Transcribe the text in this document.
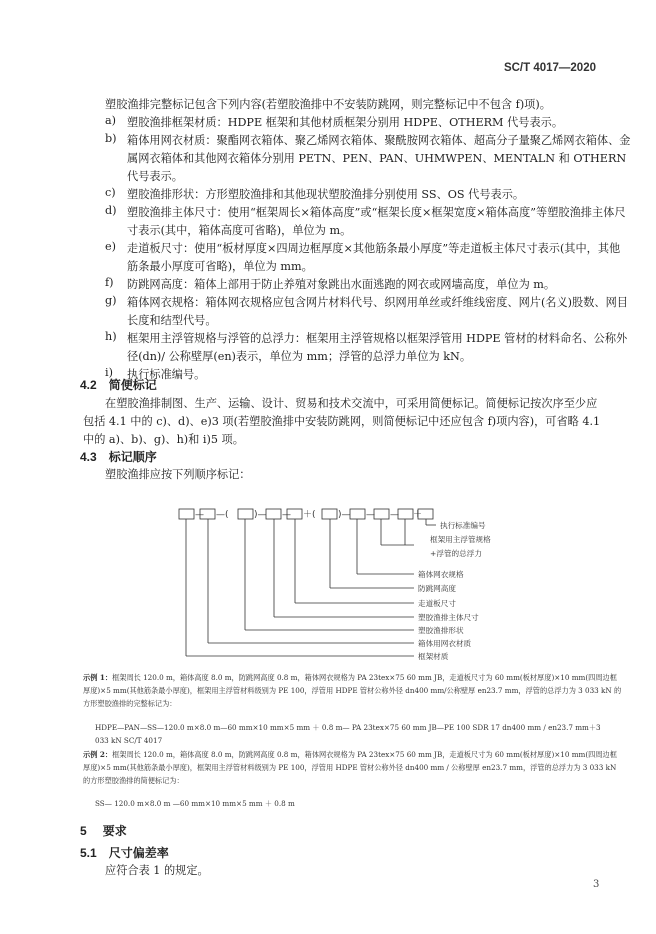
SC/T 4017—2020
塑胶渔排完整标记包含下列内容(若塑胶渔排中不安装防跳网，则完整标记中不包含 f)项)。
a) 塑胶渔排框架材质：HDPE 框架和其他材质框架分别用 HDPE、OTHERM 代号表示。
b) 箱体用网衣材质：聚酯网衣箱体、聚乙烯网衣箱体、聚酰胺网衣箱体、超高分子量聚乙烯网衣箱体、金属网衣箱体和其他网衣箱体分别用 PETN、PEN、PAN、UHMWPEN、MENTALN 和 OTHERN 代号表示。
c) 塑胶渔排形状：方形塑胶渔排和其他现状塑胶渔排分别使用 SS、OS 代号表示。
d) 塑胶渔排主体尺寸：使用“框架周长×箱体高度”或“框架长度×框架宽度×箱体高度”等塑胶渔排主体尺寸表示(其中，箱体高度可省略)，单位为 m。
e) 走道板尺寸：使用“板材厚度×四周边框厚度×其他筋条最小厚度”等走道板主体尺寸表示(其中，其他筋条最小厚度可省略)，单位为 mm。
f) 防跳网高度：箱体上部用于防止养殖对象跳出水面逃跑的网衣或网墙高度，单位为 m。
g) 箱体网衣规格：箱体网衣规格应包含网片材料代号、织网用单丝或纤维线密度、网片(名义)股数、网目长度和结型代号。
h) 框架用主浮管规格与浮管的总浮力：框架用主浮管规格以框架浮管用 HDPE 管材的材料命名、公称外径(dn)/ 公称壁厚(en)表示，单位为 mm；浮管的总浮力单位为 kN。
i) 执行标准编号。
4.2 简便标记
在塑胶渔排制图、生产、运输、设计、贸易和技术交流中，可采用简便标记。简便标记按次序至少应包括 4.1 中的 c)、d)、e)3 项(若塑胶渔排中安装防跳网，则简便标记中还应包含 f)项内容)，可省略 4.1 中的 a)、b)、g)、h)和 i)5 项。
4.3 标记顺序
塑胶渔排应按下列顺序标记：
— —(	)— — ＋( )— — — ＋
执行标准编号
框架用主浮管规格
+浮管的总浮力
箱体网衣规格
防跳网高度
走道板尺寸
塑胶渔排主体尺寸
塑胶渔排形状
箱体用网衣材质
框架材质
示例 1：框架周长 120.0 m，箱体高度 8.0 m，防跳网高度 0.8 m，箱体网衣规格为 PA 23tex×75 60 mm JB，走道板尺寸为 60 mm(板材厚度)×10 mm(四周边框厚度)×5 mm(其他筋条最小厚度)，框架用主浮管材料级别为 PE 100，浮管用 HDPE 管材公称外径 dn400 mm/公称壁厚 en23.7 mm，浮管的总浮力为 3 033 kN 的方形塑胶渔排的完整标记为：
HDPE—PAN—SS—120.0 m×8.0 m—60 mm×10 mm×5 mm ＋ 0.8 m— PA 23tex×75 60 mm JB—PE 100 SDR 17 dn400 mm / en23.7 mm＋3 033 kN SC/T 4017
示例 2：框架周长 120.0 m，箱体高度 8.0 m，防跳网高度 0.8 m，箱体网衣规格为 PA 23tex×75 60 mm JB，走道板尺寸为 60 mm(板材厚度)×10 mm(四周边框厚度)×5 mm(其他筋条最小厚度)，框架用主浮管材料级别为 PE 100，浮管用 HDPE 管材公称外径 dn400 mm / 公称壁厚 en23.7 mm，浮管的总浮力为 3 033 kN 的方形塑胶渔排的简便标记为：
SS— 120.0 m×8.0 m —60 mm×10 mm×5 mm ＋ 0.8 m
5 要求
5.1 尺寸偏差率
应符合表 1 的规定。
3
